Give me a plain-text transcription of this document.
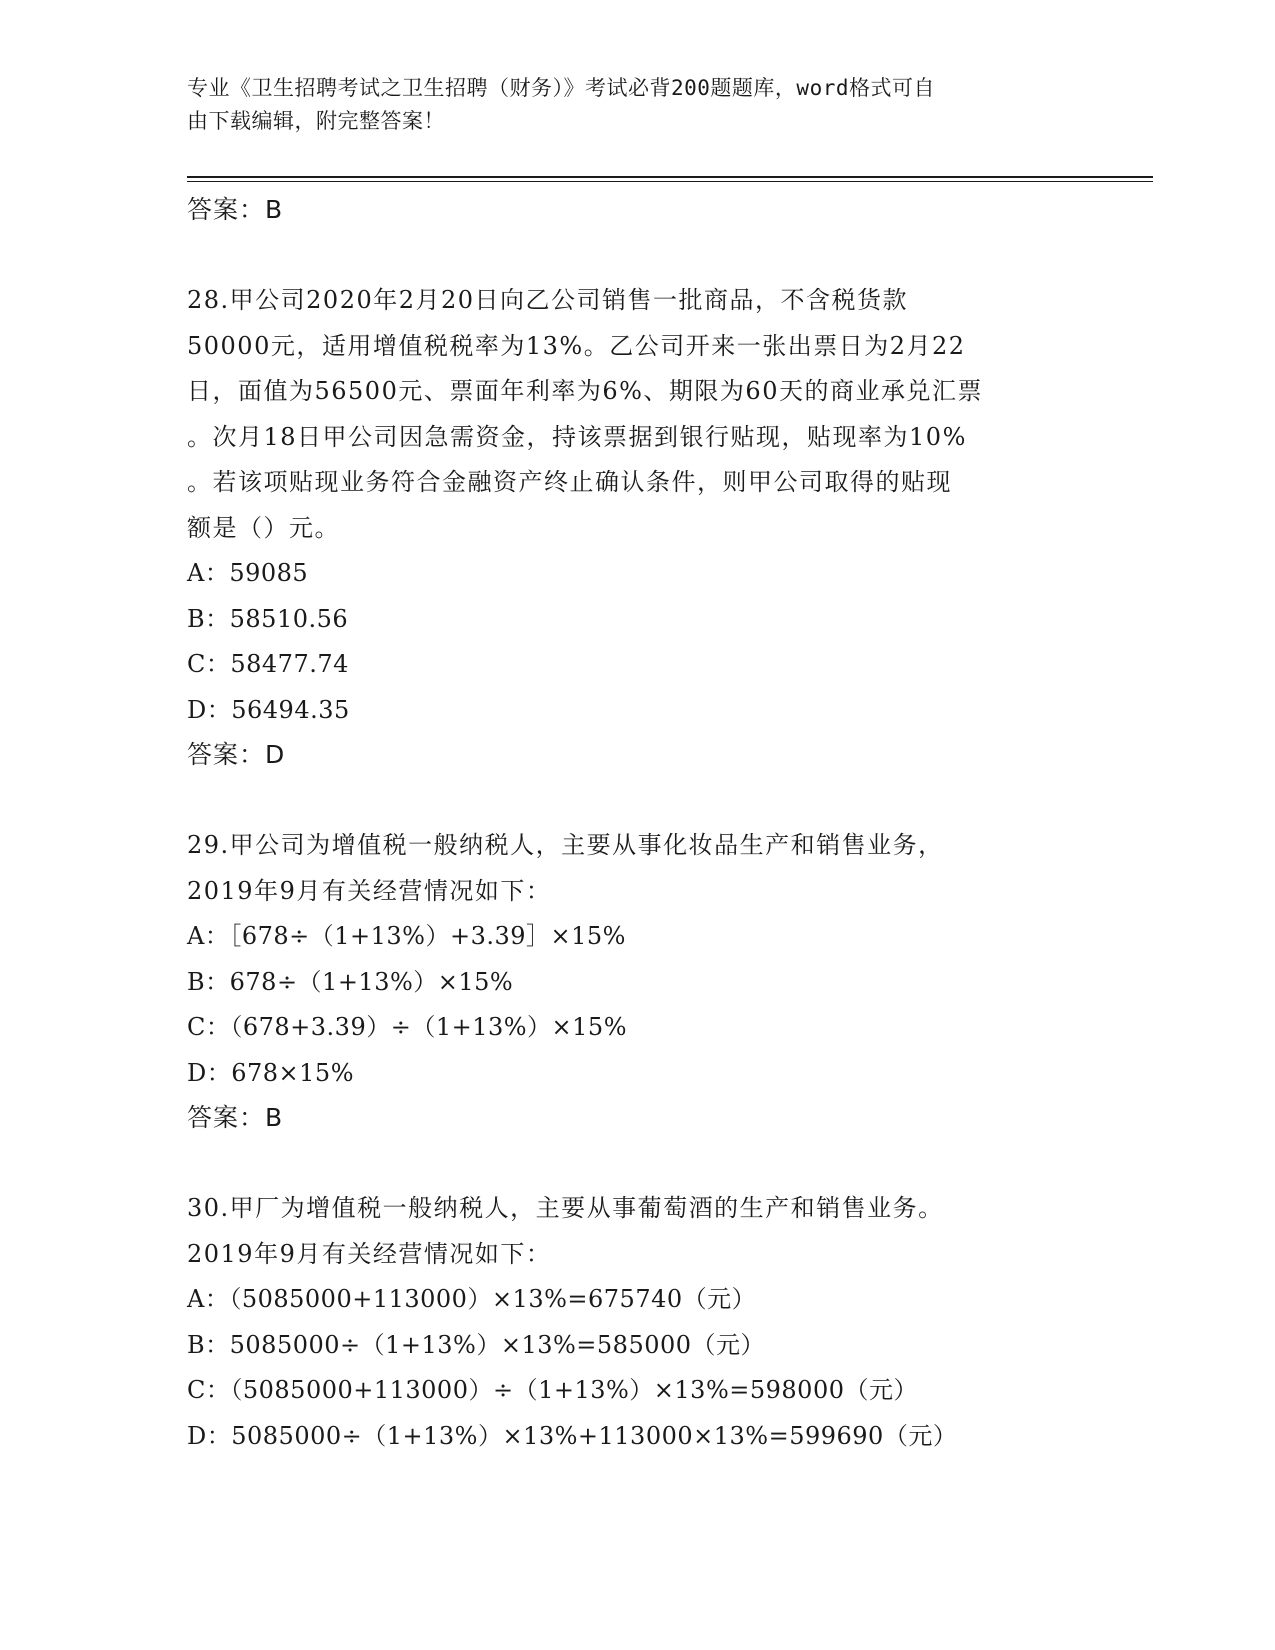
专业《卫生招聘考试之卫生招聘（财务）》考试必背200题题库，word格式可自
由下载编辑，附完整答案！
答案：B
28.甲公司2020年2月20日向乙公司销售一批商品，不含税货款
50000元，适用增值税税率为13%。乙公司开来一张出票日为2月22
日，面值为56500元、票面年利率为6%、期限为60天的商业承兑汇票
。次月18日甲公司因急需资金，持该票据到银行贴现，贴现率为10%
。若该项贴现业务符合金融资产终止确认条件，则甲公司取得的贴现
额是（）元。
A：59085
B：58510.56
C：58477.74
D：56494.35
答案：D
29.甲公司为增值税一般纳税人，主要从事化妆品生产和销售业务，
2019年9月有关经营情况如下：
A：［678÷（1+13%）+3.39］×15%
B：678÷（1+13%）×15%
C：（678+3.39）÷（1+13%）×15%
D：678×15%
答案：B
30.甲厂为增值税一般纳税人，主要从事葡萄酒的生产和销售业务。
2019年9月有关经营情况如下：
A：（5085000+113000）×13%=675740（元）
B：5085000÷（1+13%）×13%=585000（元）
C：（5085000+113000）÷（1+13%）×13%=598000（元）
D：5085000÷（1+13%）×13%+113000×13%=599690（元）
